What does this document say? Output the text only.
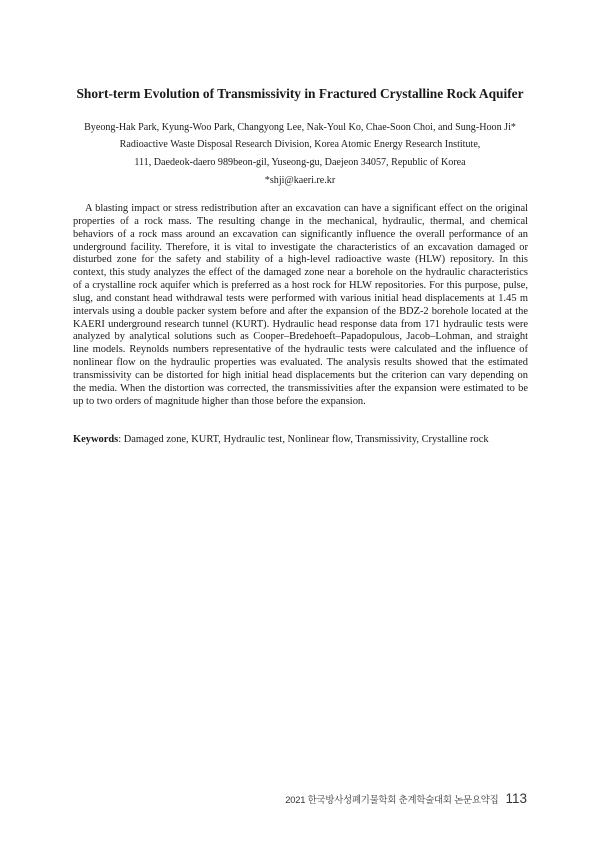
Short-term Evolution of Transmissivity in Fractured Crystalline Rock Aquifer
Byeong-Hak Park, Kyung-Woo Park, Changyong Lee, Nak-Youl Ko, Chae-Soon Choi, and Sung-Hoon Ji*
Radioactive Waste Disposal Research Division, Korea Atomic Energy Research Institute,
111, Daedeok-daero 989beon-gil, Yuseong-gu, Daejeon 34057, Republic of Korea
*shji@kaeri.re.kr

A blasting impact or stress redistribution after an excavation can have a significant effect on the original properties of a rock mass. The resulting change in the mechanical, hydraulic, thermal, and chemical behaviors of a rock mass around an excavation can significantly influence the overall performance of an underground facility. Therefore, it is vital to investigate the characteristics of an excavation damaged or disturbed zone for the safety and stability of a high-level radioactive waste (HLW) repository. In this context, this study analyzes the effect of the damaged zone near a borehole on the hydraulic characteristics of a crystalline rock aquifer which is preferred as a host rock for HLW repositories. For this purpose, pulse, slug, and constant head withdrawal tests were performed with various initial head displacements at 1.45 m intervals using a double packer system before and after the expansion of the BDZ-2 borehole located at the KAERI underground research tunnel (KURT). Hydraulic head response data from 171 hydraulic tests were analyzed by analytical solutions such as Cooper–Bredehoeft–Papadopulous, Jacob–Lohman, and straight line models. Reynolds numbers representative of the hydraulic tests were calculated and the influence of nonlinear flow on the hydraulic properties was evaluated. The analysis results showed that the estimated transmissivity can be distorted for high initial head displacements but the criterion can vary depending on the media. When the distortion was corrected, the transmissivities after the expansion were estimated to be up to two orders of magnitude higher than those before the expansion.

Keywords: Damaged zone, KURT, Hydraulic test, Nonlinear flow, Transmissivity, Crystalline rock
2021 한국방사성폐기물학회 춘계학술대회 논문요약집 113
